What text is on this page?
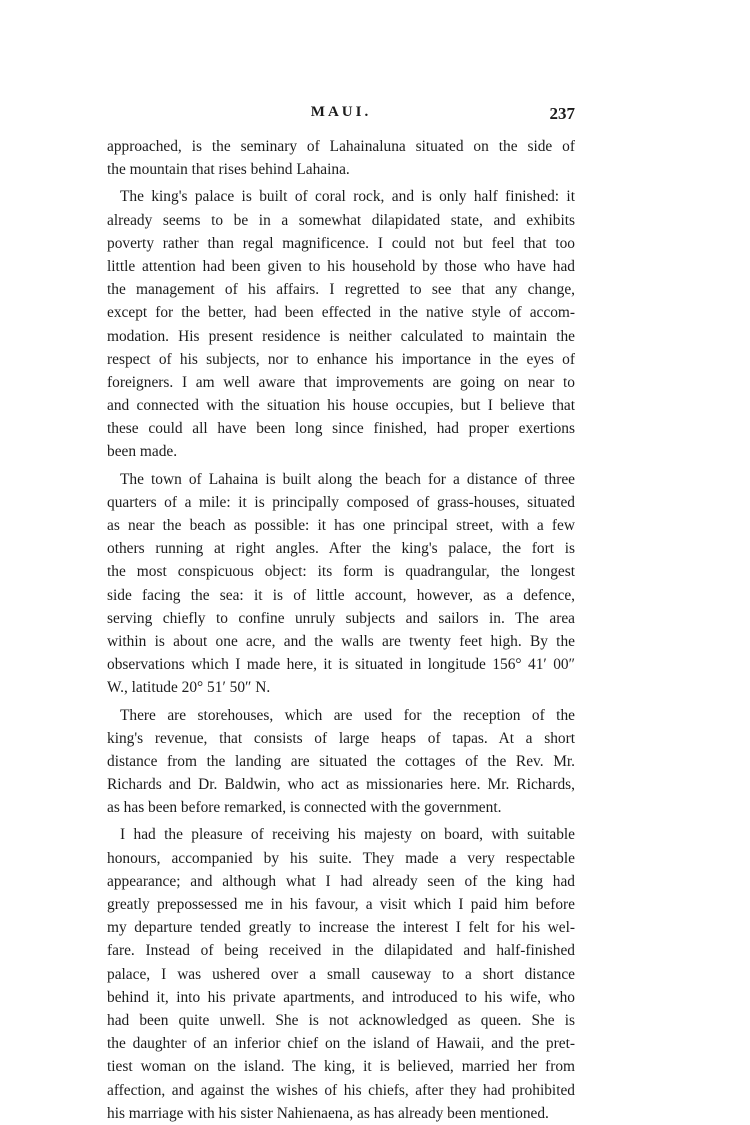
MAUI.	237
approached, is the seminary of Lahainaluna situated on the side of
the mountain that rises behind Lahaina.
The king's palace is built of coral rock, and is only half finished: it
already seems to be in a somewhat dilapidated state, and exhibits
poverty rather than regal magnificence. I could not but feel that too
little attention had been given to his household by those who have had
the management of his affairs. I regretted to see that any change,
except for the better, had been effected in the native style of accom-
modation. His present residence is neither calculated to maintain the
respect of his subjects, nor to enhance his importance in the eyes of
foreigners. I am well aware that improvements are going on near to
and connected with the situation his house occupies, but I believe that
these could all have been long since finished, had proper exertions
been made.
The town of Lahaina is built along the beach for a distance of three
quarters of a mile: it is principally composed of grass-houses, situated
as near the beach as possible: it has one principal street, with a few
others running at right angles. After the king's palace, the fort is
the most conspicuous object: its form is quadrangular, the longest
side facing the sea: it is of little account, however, as a defence,
serving chiefly to confine unruly subjects and sailors in. The area
within is about one acre, and the walls are twenty feet high. By the
observations which I made here, it is situated in longitude 156° 41′ 00″
W., latitude 20° 51′ 50″ N.
There are storehouses, which are used for the reception of the
king's revenue, that consists of large heaps of tapas. At a short
distance from the landing are situated the cottages of the Rev. Mr.
Richards and Dr. Baldwin, who act as missionaries here. Mr. Richards,
as has been before remarked, is connected with the government.
I had the pleasure of receiving his majesty on board, with suitable
honours, accompanied by his suite. They made a very respectable
appearance; and although what I had already seen of the king had
greatly prepossessed me in his favour, a visit which I paid him before
my departure tended greatly to increase the interest I felt for his wel-
fare. Instead of being received in the dilapidated and half-finished
palace, I was ushered over a small causeway to a short distance
behind it, into his private apartments, and introduced to his wife, who
had been quite unwell. She is not acknowledged as queen. She is
the daughter of an inferior chief on the island of Hawaii, and the pret-
tiest woman on the island. The king, it is believed, married her from
affection, and against the wishes of his chiefs, after they had prohibited
his marriage with his sister Nahienaena, as has already been mentioned.
